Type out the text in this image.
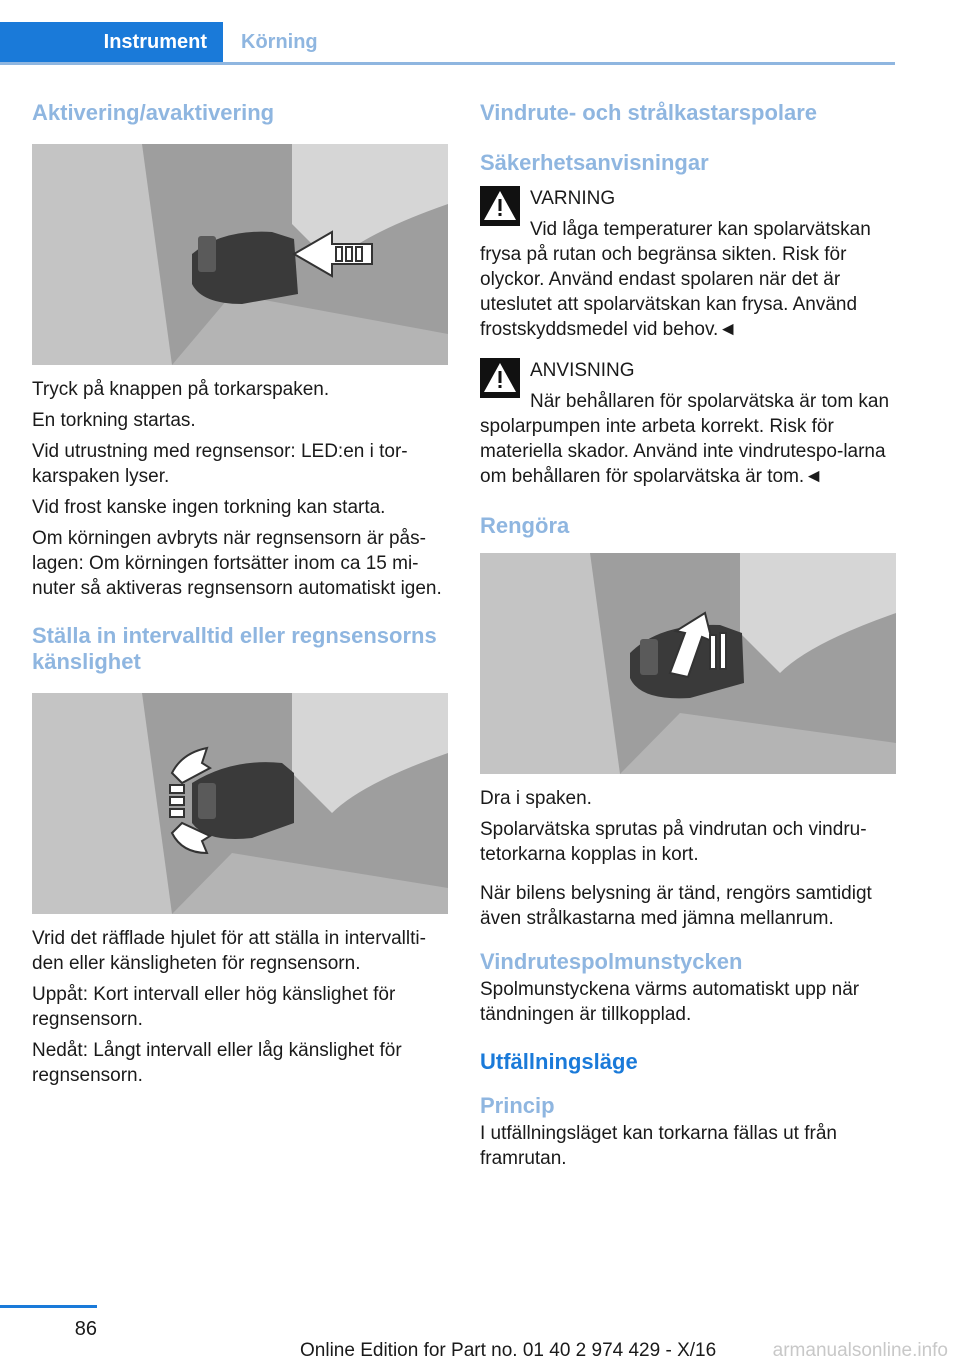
Instrument	Körning
Aktivering/avaktivering

Tryck på knappen på torkarspaken.

En torkning startas.

Vid utrustning med regnsensor: LED:en i tor-karspaken lyser.

Vid frost kanske ingen torkning kan starta.

Om körningen avbryts när regnsensorn är pås-lagen: Om körningen fortsätter inom ca 15 mi-nuter så aktiveras regnsensorn automatiskt igen.

Ställa in intervalltid eller regnsensorns känslighet

Vrid det räfflade hjulet för att ställa in intervallti-den eller känsligheten för regnsensorn.

Uppåt: Kort intervall eller hög känslighet för regnsensorn.

Nedåt: Långt intervall eller låg känslighet för regnsensorn.

Vindrute- och strålkastarspolare
Säkerhetsanvisningar

VARNING

Vid låga temperaturer kan spolarvätskan frysa på rutan och begränsa sikten. Risk för olyckor. Använd endast spolaren när det är uteslutet att spolarvätskan kan frysa. Använd frostskyddsmedel vid behov.◄

ANVISNING

När behållaren för spolarvätska är tom kan spolarpumpen inte arbeta korrekt. Risk för materiella skador. Använd inte vindrutespo-larna om behållaren för spolarvätska är tom.◄

Rengöra

Dra i spaken.

Spolarvätska sprutas på vindrutan och vindru-tetorkarna kopplas in kort.

När bilens belysning är tänd, rengörs samtidigt även strålkastarna med jämna mellanrum.

Vindrutespolmunstycken

Spolmunstyckena värms automatiskt upp när tändningen är tillkopplad.

Utfällningsläge
Princip

I utfällningsläget kan torkarna fällas ut från framrutan.

86
Online Edition for Part no. 01 40 2 974 429 - X/16	armanualsonline.info
